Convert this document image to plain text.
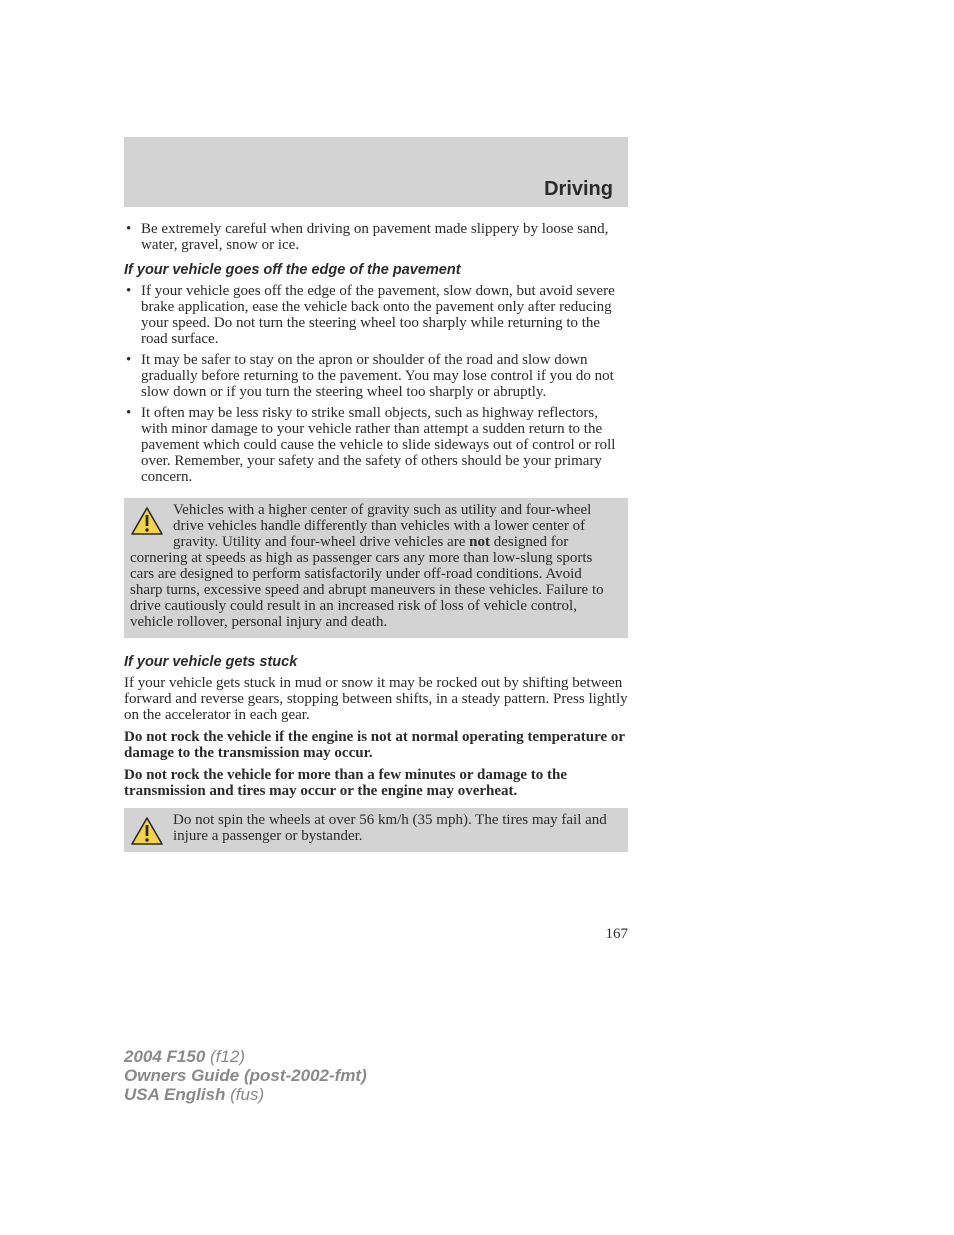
Driving
• Be extremely careful when driving on pavement made slippery by loose sand, water, gravel, snow or ice.
If your vehicle goes off the edge of the pavement
• If your vehicle goes off the edge of the pavement, slow down, but avoid severe brake application, ease the vehicle back onto the pavement only after reducing your speed. Do not turn the steering wheel too sharply while returning to the road surface.
• It may be safer to stay on the apron or shoulder of the road and slow down gradually before returning to the pavement. You may lose control if you do not slow down or if you turn the steering wheel too sharply or abruptly.
• It often may be less risky to strike small objects, such as highway reflectors, with minor damage to your vehicle rather than attempt a sudden return to the pavement which could cause the vehicle to slide sideways out of control or roll over. Remember, your safety and the safety of others should be your primary concern.

Vehicles with a higher center of gravity such as utility and four-wheel drive vehicles handle differently than vehicles with a lower center of gravity. Utility and four-wheel drive vehicles are not designed for cornering at speeds as high as passenger cars any more than low-slung sports cars are designed to perform satisfactorily under off-road conditions. Avoid sharp turns, excessive speed and abrupt maneuvers in these vehicles. Failure to drive cautiously could result in an increased risk of loss of vehicle control, vehicle rollover, personal injury and death.

If your vehicle gets stuck

If your vehicle gets stuck in mud or snow it may be rocked out by shifting between forward and reverse gears, stopping between shifts, in a steady pattern. Press lightly on the accelerator in each gear.

Do not rock the vehicle if the engine is not at normal operating temperature or damage to the transmission may occur.

Do not rock the vehicle for more than a few minutes or damage to the transmission and tires may occur or the engine may overheat.

Do not spin the wheels at over 56 km/h (35 mph). The tires may fail and injure a passenger or bystander.

167
2004 F150 (f12)
Owners Guide (post-2002-fmt)
USA English (fus)
